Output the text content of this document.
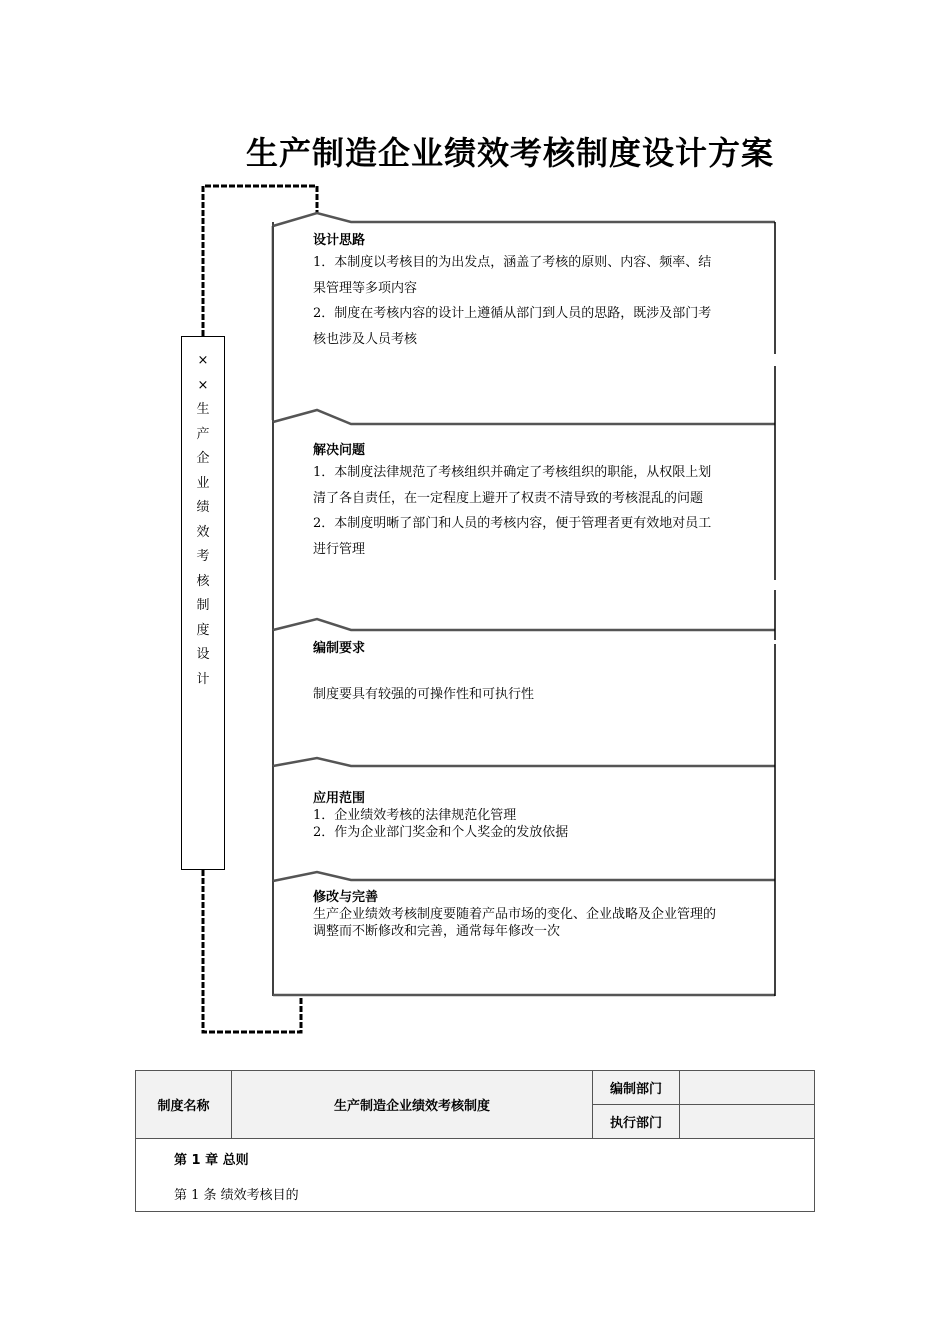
生产制造企业绩效考核制度设计方案
×
×
生
产
企
业
绩
效
考
核
制
度
设
计
设计思路

1．本制度以考核目的为出发点，涵盖了考核的原则、内容、频率、结

果管理等多项内容

2．制度在考核内容的设计上遵循从部门到人员的思路，既涉及部门考

核也涉及人员考核

解决问题

1．本制度法律规范了考核组织并确定了考核组织的职能，从权限上划

清了各自责任，在一定程度上避开了权责不清导致的考核混乱的问题

2．本制度明晰了部门和人员的考核内容，便于管理者更有效地对员工

进行管理

编制要求

制度要具有较强的可操作性和可执行性

应用范围

1．企业绩效考核的法律规范化管理

2．作为企业部门奖金和个人奖金的发放依据

修改与完善

生产企业绩效考核制度要随着产品市场的变化、企业战略及企业管理的

调整而不断修改和完善，通常每年修改一次

制度名称	生产制造企业绩效考核制度	编制部门	
		执行部门	

第 1 章 总则
第 1 条 绩效考核目的			
